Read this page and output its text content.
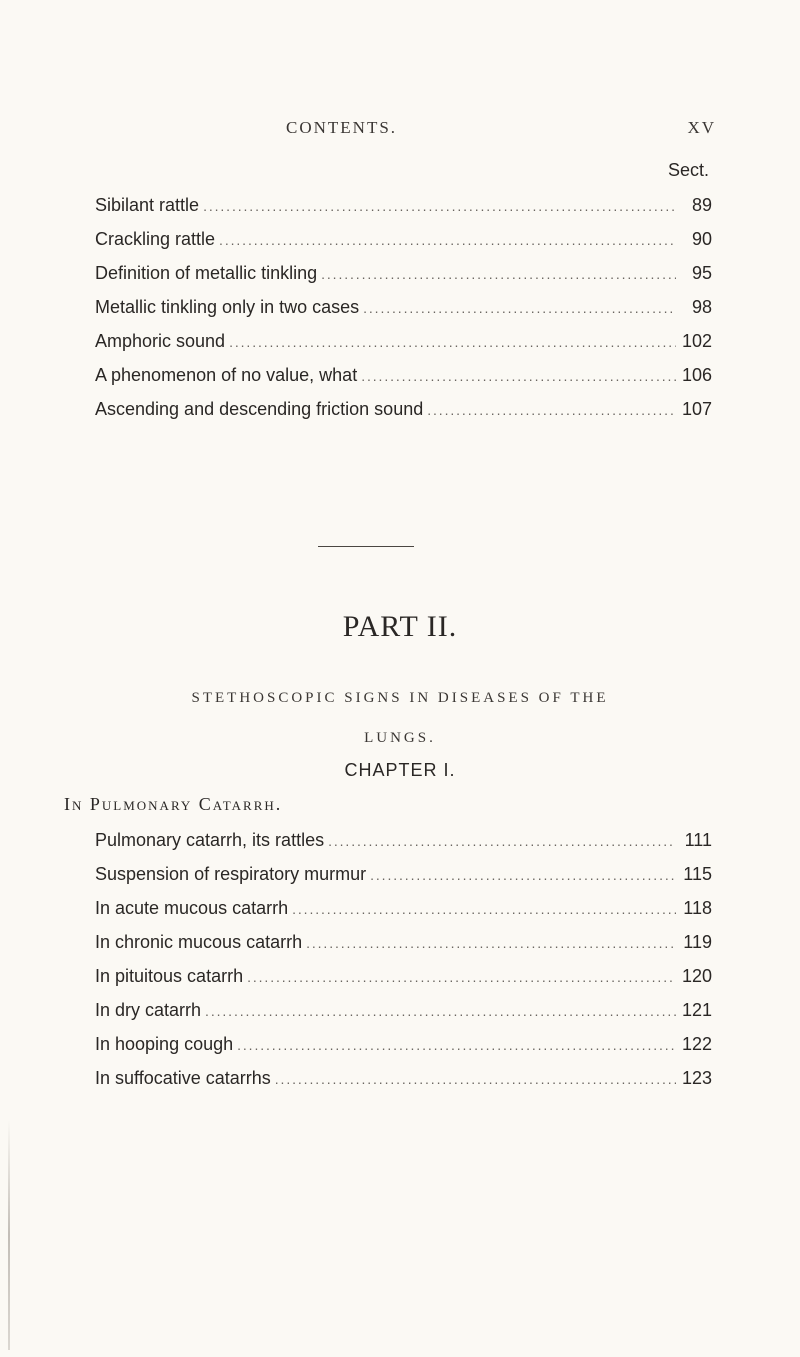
CONTENTS.	XV
Sect.
Sibilant rattle . . .	89
Crackling rattle . . .	90
Definition of metallic tinkling . . .	95
Metallic tinkling only in two cases . . .	98
Amphoric sound . . .	102
A phenomenon of no value, what . . .	106
Ascending and descending friction sound . . .	107
PART II.
STETHOSCOPIC SIGNS IN DISEASES OF THE
LUNGS.
CHAPTER I.
In Pulmonary Catarrh.
Pulmonary catarrh, its rattles . . .	111
Suspension of respiratory murmur . . .	115
In acute mucous catarrh . . .	118
In chronic mucous catarrh . . .	119
In pituitous catarrh . . .	120
In dry catarrh . . .	121
In hooping cough . . .	122
In suffocative catarrhs . . .	123
